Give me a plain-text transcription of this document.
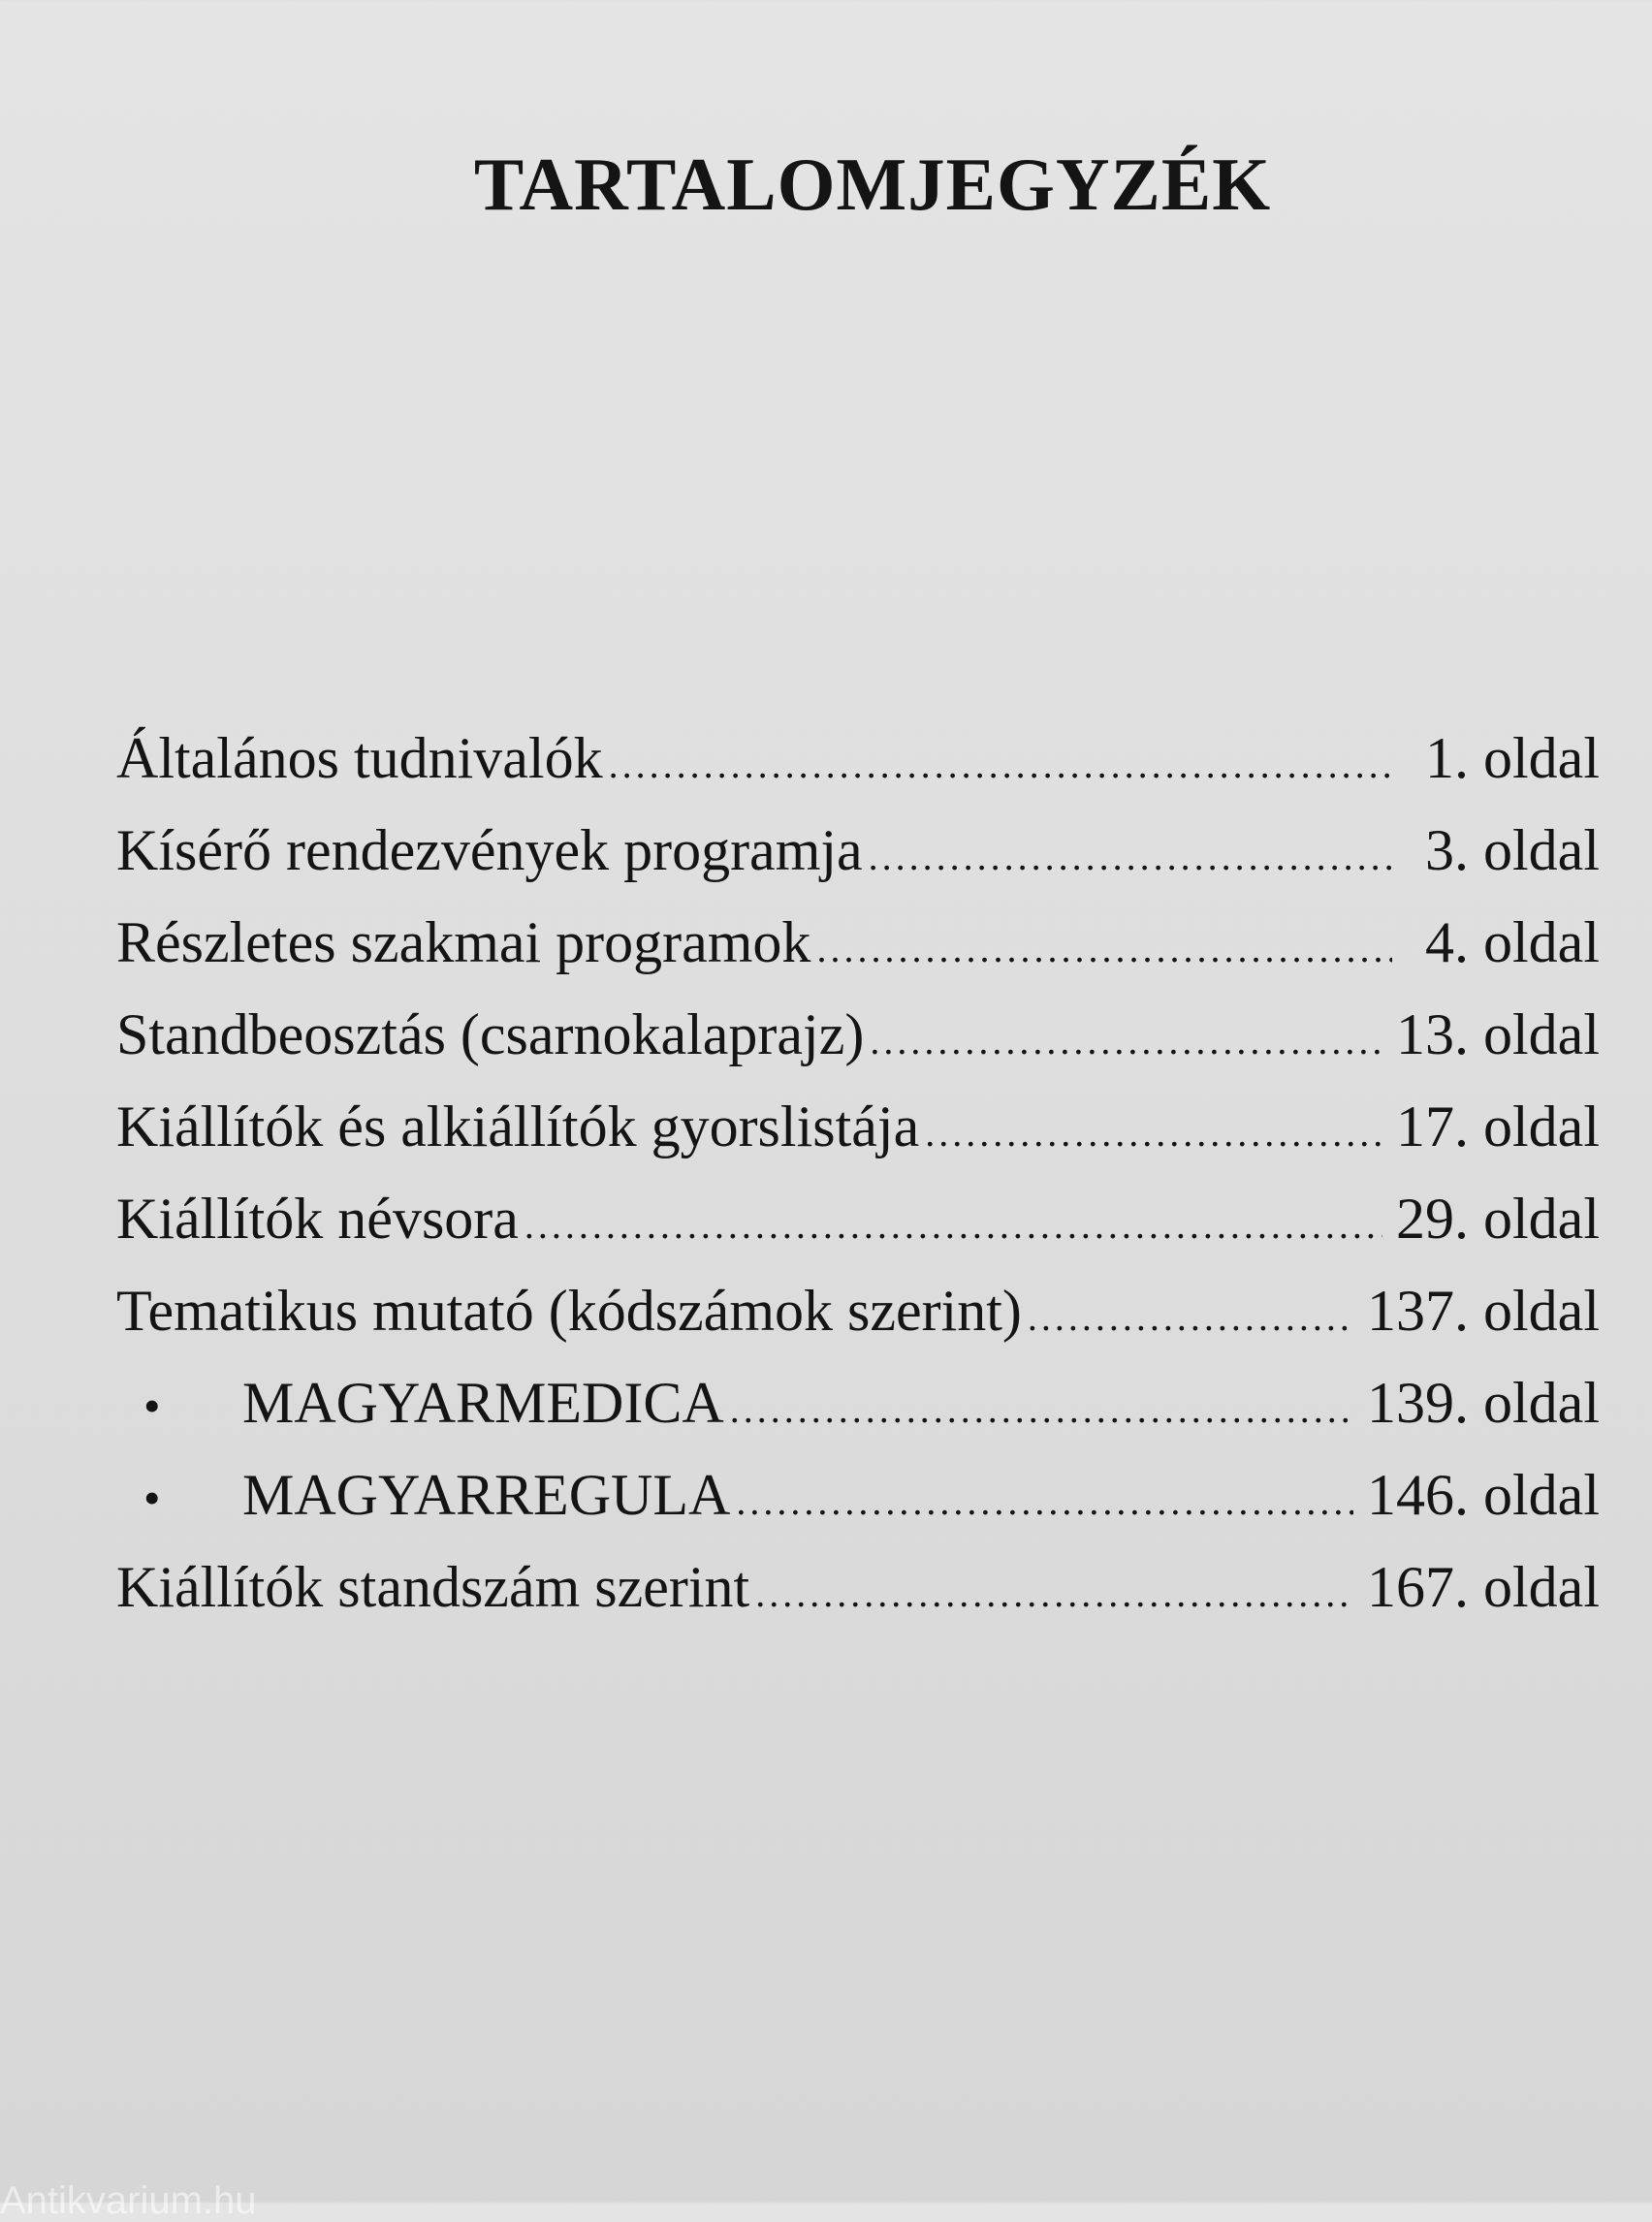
TARTALOMJEGYZÉK
Általános tudnivalók .....	1. oldal
Kísérő rendezvények programja .....	3. oldal
Részletes szakmai programok .....	4. oldal
Standbeosztás (csarnokalaprajz) .....	13. oldal
Kiállítók és alkiállítók gyorslistája .....	17. oldal
Kiállítók névsora .....	29. oldal
Tematikus mutató (kódszámok szerint) .....	137. oldal
•	MAGYARMEDICA .....	139. oldal
•	MAGYARREGULA .....	146. oldal
Kiállítók standszám szerint .....	167. oldal
Antikvarium.hu
